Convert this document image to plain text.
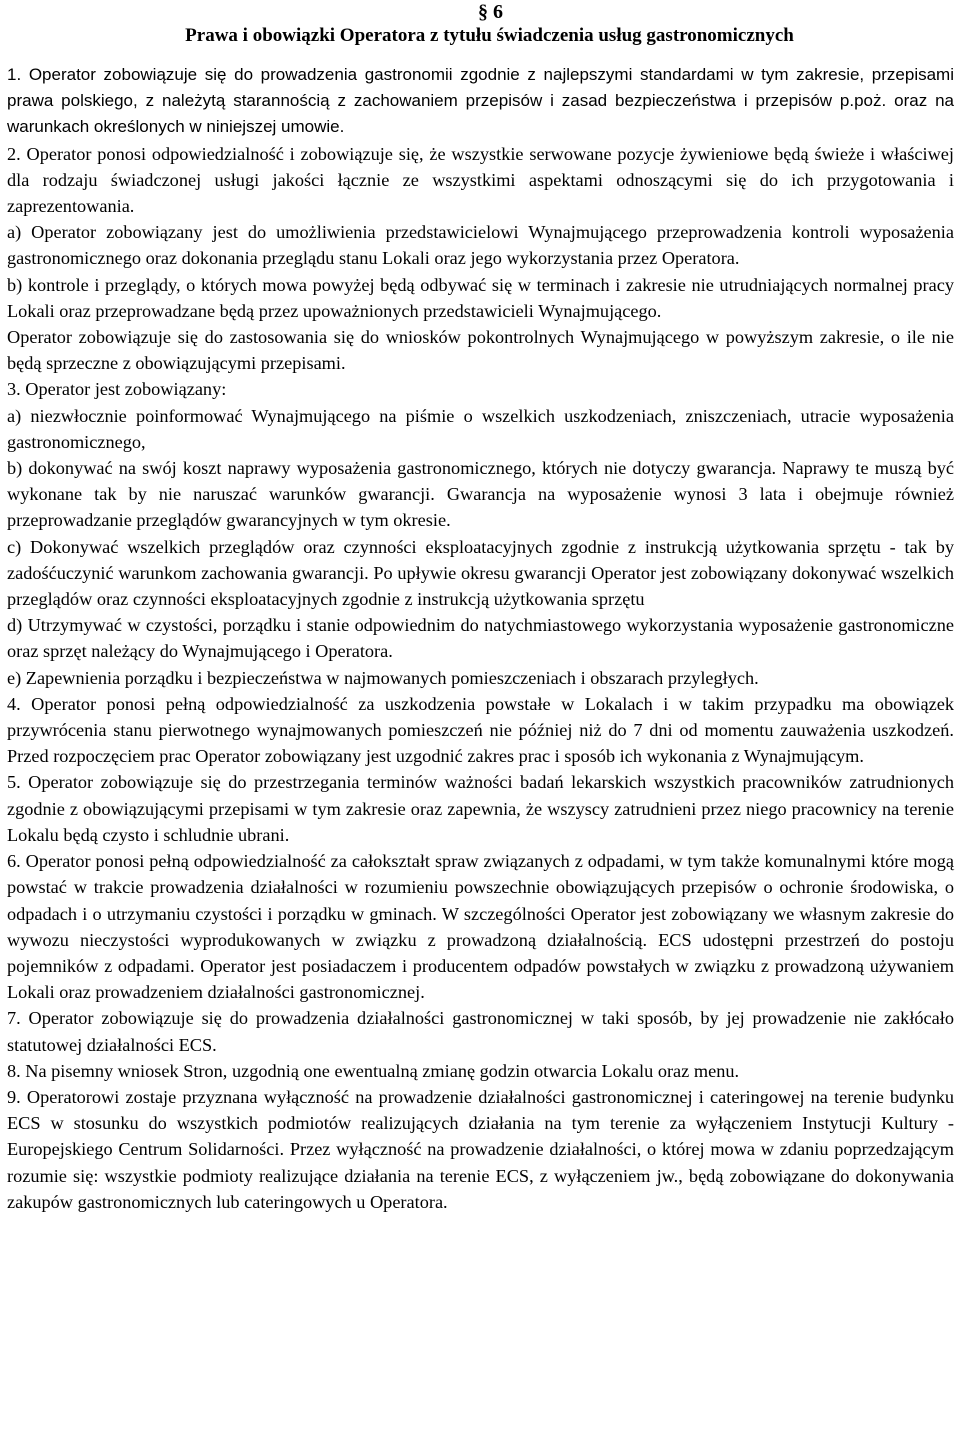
§ 6

Prawa i obowiązki Operatora z tytułu świadczenia usług gastronomicznych

1. Operator zobowiązuje się do prowadzenia gastronomii zgodnie z najlepszymi standardami w tym zakresie, przepisami prawa polskiego, z należytą starannością z zachowaniem przepisów i zasad bezpieczeństwa i przepisów p.poż. oraz na warunkach określonych w niniejszej umowie.

2. Operator ponosi odpowiedzialność i zobowiązuje się, że wszystkie serwowane pozycje żywieniowe będą świeże i właściwej dla rodzaju świadczonej usługi jakości łącznie ze wszystkimi aspektami odnoszącymi się do ich przygotowania i zaprezentowania.

a) Operator zobowiązany jest do umożliwienia przedstawicielowi Wynajmującego przeprowadzenia kontroli wyposażenia gastronomicznego oraz dokonania przeglądu stanu Lokali oraz jego wykorzystania przez Operatora.

b) kontrole i przeglądy, o których mowa powyżej będą odbywać się w terminach i zakresie nie utrudniających normalnej pracy Lokali oraz przeprowadzane będą przez upoważnionych przedstawicieli Wynajmującego.

Operator zobowiązuje się do zastosowania się do wniosków pokontrolnych Wynajmującego w powyższym zakresie, o ile nie będą sprzeczne z obowiązującymi przepisami.

3. Operator jest zobowiązany:

a) niezwłocznie poinformować Wynajmującego na piśmie o wszelkich uszkodzeniach, zniszczeniach, utracie wyposażenia gastronomicznego,

b) dokonywać na swój koszt naprawy wyposażenia gastronomicznego, których nie dotyczy gwarancja. Naprawy te muszą być wykonane tak by nie naruszać warunków gwarancji. Gwarancja na wyposażenie wynosi 3 lata i obejmuje również przeprowadzanie przeglądów gwarancyjnych w tym okresie.

c) Dokonywać wszelkich przeglądów oraz czynności eksploatacyjnych zgodnie z instrukcją użytkowania sprzętu - tak by zadośćuczynić warunkom zachowania gwarancji. Po upływie okresu gwarancji Operator jest zobowiązany dokonywać wszelkich przeglądów oraz czynności eksploatacyjnych zgodnie z instrukcją użytkowania sprzętu

d) Utrzymywać w czystości, porządku i stanie odpowiednim do natychmiastowego wykorzystania wyposażenie gastronomiczne oraz sprzęt należący do Wynajmującego i Operatora.

e) Zapewnienia porządku i bezpieczeństwa w najmowanych pomieszczeniach i obszarach przyległych.

4. Operator ponosi pełną odpowiedzialność za uszkodzenia powstałe w Lokalach i w takim przypadku ma obowiązek przywrócenia stanu pierwotnego wynajmowanych pomieszczeń nie później niż do 7 dni od momentu zauważenia uszkodzeń. Przed rozpoczęciem prac Operator zobowiązany jest uzgodnić zakres prac i sposób ich wykonania z Wynajmującym.

5. Operator zobowiązuje się do przestrzegania terminów ważności badań lekarskich wszystkich pracowników zatrudnionych zgodnie z obowiązującymi przepisami w tym zakresie oraz zapewnia, że wszyscy zatrudnieni przez niego pracownicy na terenie Lokalu będą czysto i schludnie ubrani.

6. Operator ponosi pełną odpowiedzialność za całokształt spraw związanych z odpadami, w tym także komunalnymi które mogą powstać w trakcie prowadzenia działalności w rozumieniu powszechnie obowiązujących przepisów o ochronie środowiska, o odpadach i o utrzymaniu czystości i porządku w gminach. W szczególności Operator jest zobowiązany we własnym zakresie do wywozu nieczystości wyprodukowanych w związku z prowadzoną działalnością. ECS udostępni przestrzeń do postoju pojemników z odpadami. Operator jest posiadaczem i producentem odpadów powstałych w związku z prowadzoną używaniem Lokali oraz prowadzeniem działalności gastronomicznej.

7. Operator zobowiązuje się do prowadzenia działalności gastronomicznej w taki sposób, by jej prowadzenie nie zakłócało statutowej działalności ECS.

8. Na pisemny wniosek Stron, uzgodnią one ewentualną zmianę godzin otwarcia Lokalu oraz menu.

9. Operatorowi zostaje przyznana wyłączność na prowadzenie działalności gastronomicznej i cateringowej na terenie budynku ECS w stosunku do wszystkich podmiotów realizujących działania na tym terenie za wyłączeniem Instytucji Kultury - Europejskiego Centrum Solidarności. Przez wyłączność na prowadzenie działalności, o której mowa w zdaniu poprzedzającym rozumie się: wszystkie podmioty realizujące działania na terenie ECS, z wyłączeniem jw., będą zobowiązane do dokonywania zakupów gastronomicznych lub cateringowych u Operatora.
